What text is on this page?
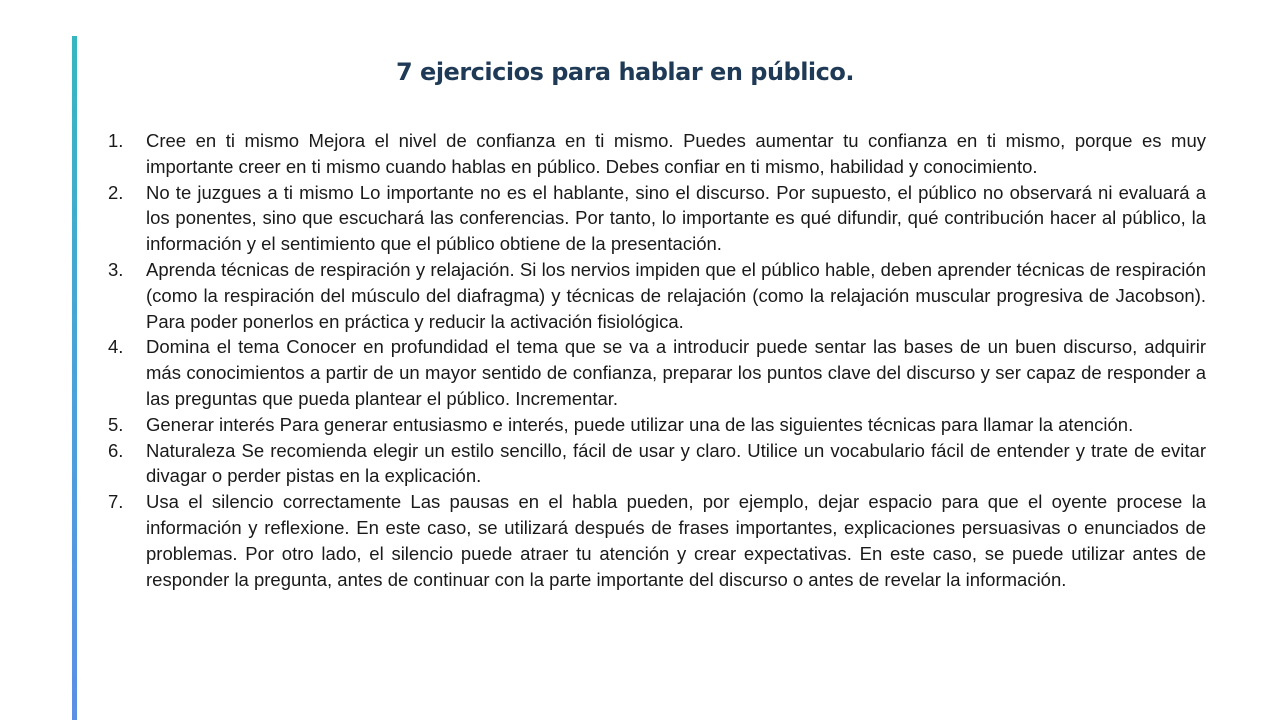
7 ejercicios para hablar en público.
1. Cree en ti mismo Mejora el nivel de confianza en ti mismo. Puedes aumentar tu confianza en ti mismo, porque es muy importante creer en ti mismo cuando hablas en público. Debes confiar en ti mismo, habilidad y conocimiento.
2. No te juzgues a ti mismo Lo importante no es el hablante, sino el discurso. Por supuesto, el público no observará ni evaluará a los ponentes, sino que escuchará las conferencias. Por tanto, lo importante es qué difundir, qué contribución hacer al público, la información y el sentimiento que el público obtiene de la presentación.
3. Aprenda técnicas de respiración y relajación. Si los nervios impiden que el público hable, deben aprender técnicas de respiración (como la respiración del músculo del diafragma) y técnicas de relajación (como la relajación muscular progresiva de Jacobson). Para poder ponerlos en práctica y reducir la activación fisiológica.
4. Domina el tema Conocer en profundidad el tema que se va a introducir puede sentar las bases de un buen discurso, adquirir más conocimientos a partir de un mayor sentido de confianza, preparar los puntos clave del discurso y ser capaz de responder a las preguntas que pueda plantear el público. Incrementar.
5. Generar interés Para generar entusiasmo e interés, puede utilizar una de las siguientes técnicas para llamar la atención.
6. Naturaleza Se recomienda elegir un estilo sencillo, fácil de usar y claro. Utilice un vocabulario fácil de entender y trate de evitar divagar o perder pistas en la explicación.
7. Usa el silencio correctamente Las pausas en el habla pueden, por ejemplo, dejar espacio para que el oyente procese la información y reflexione. En este caso, se utilizará después de frases importantes, explicaciones persuasivas o enunciados de problemas. Por otro lado, el silencio puede atraer tu atención y crear expectativas. En este caso, se puede utilizar antes de responder la pregunta, antes de continuar con la parte importante del discurso o antes de revelar la información.
